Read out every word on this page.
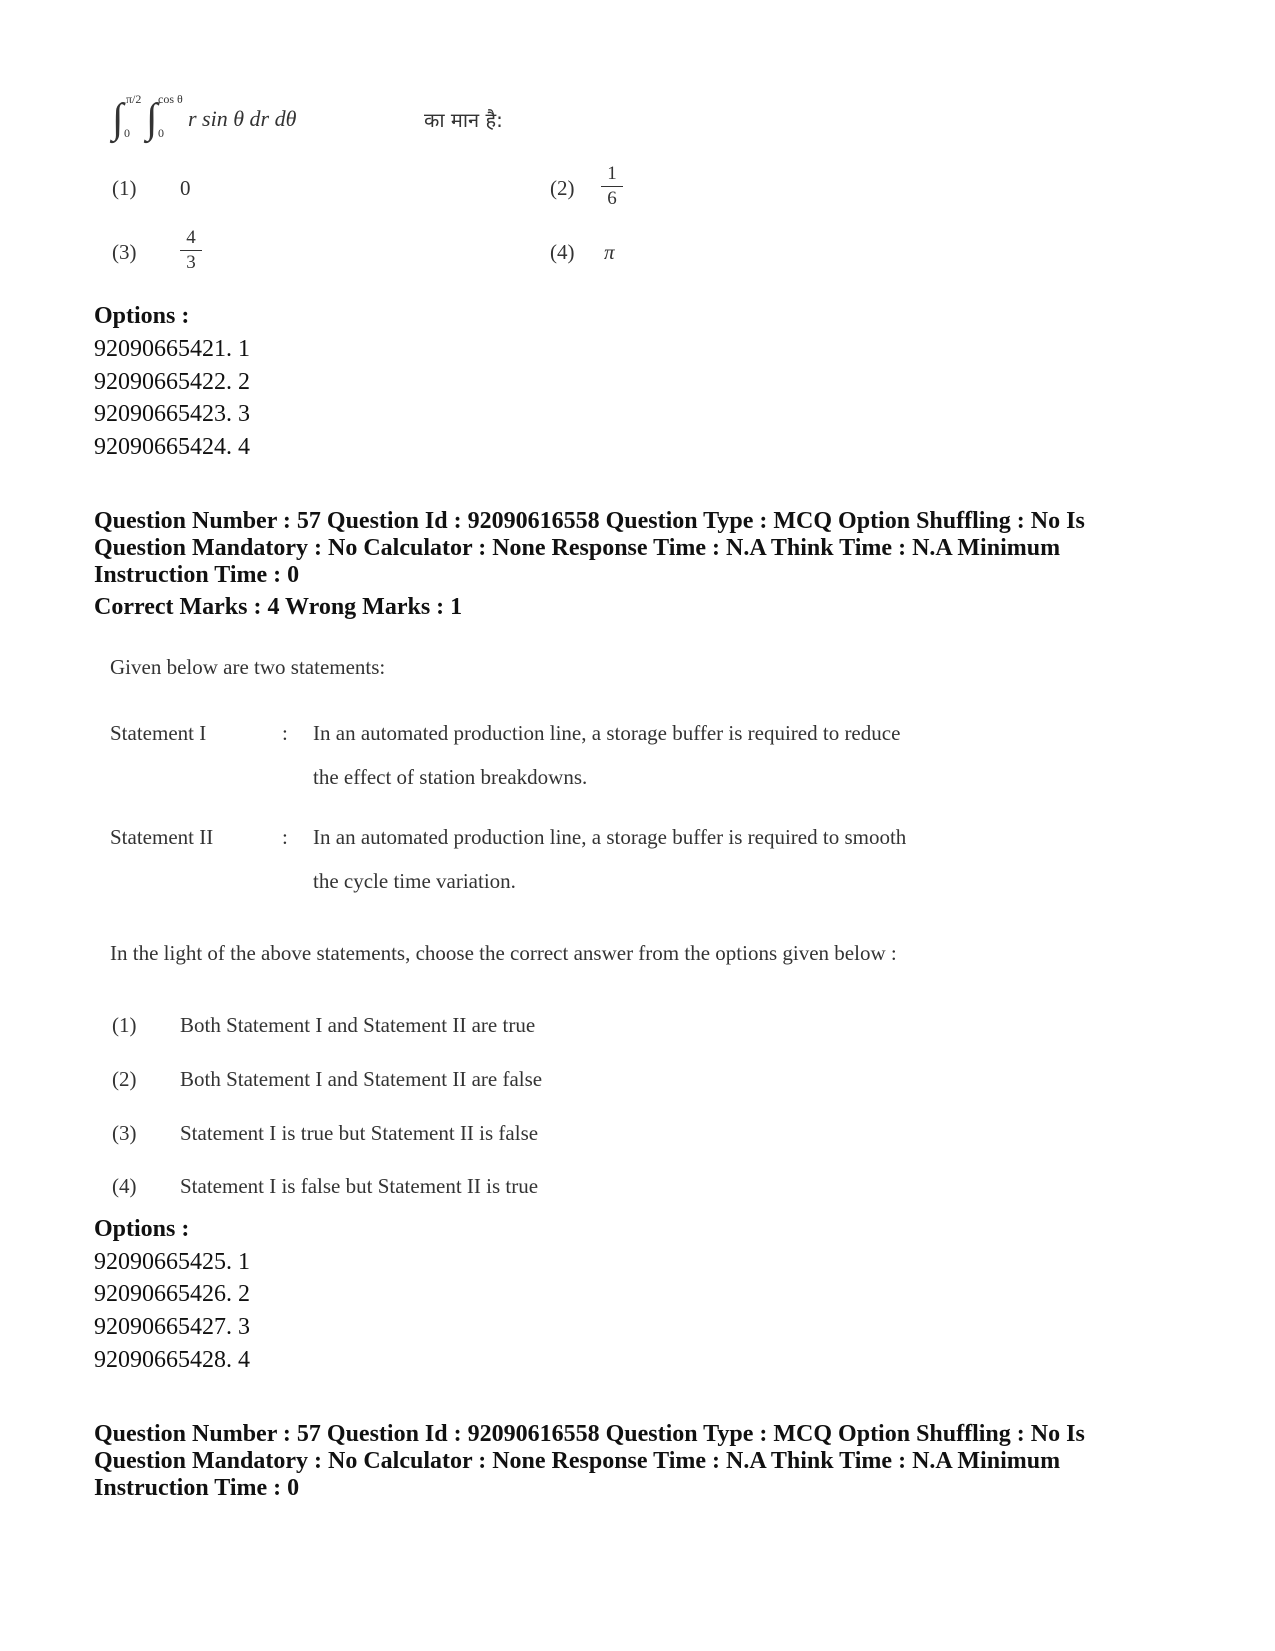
∫ π/2
0 ∫ cos θ
0
r sin θ dr dθ	का मान है:
(1) 0	(2)
1
6
(3)
4
3	(4) π
Options :
92090665421. 1
92090665422. 2
92090665423. 3
92090665424. 4
Question Number : 57 Question Id : 92090616558 Question Type : MCQ Option Shuffling : No Is
Question Mandatory : No Calculator : None Response Time : N.A Think Time : N.A Minimum
Instruction Time : 0
Correct Marks : 4 Wrong Marks : 1
Given below are two statements:
Statement I	: In an automated production line, a storage buffer is required to reduce
the effect of station breakdowns.
Statement II	: In an automated production line, a storage buffer is required to smooth
the cycle time variation.
In the light of the above statements, choose the correct answer from the options given below :
(1) Both Statement I and Statement II are true
(2) Both Statement I and Statement II are false
(3) Statement I is true but Statement II is false
(4) Statement I is false but Statement II is true
Options :
92090665425. 1
92090665426. 2
92090665427. 3
92090665428. 4
Question Number : 57 Question Id : 92090616558 Question Type : MCQ Option Shuffling : No Is
Question Mandatory : No Calculator : None Response Time : N.A Think Time : N.A Minimum
Instruction Time : 0
